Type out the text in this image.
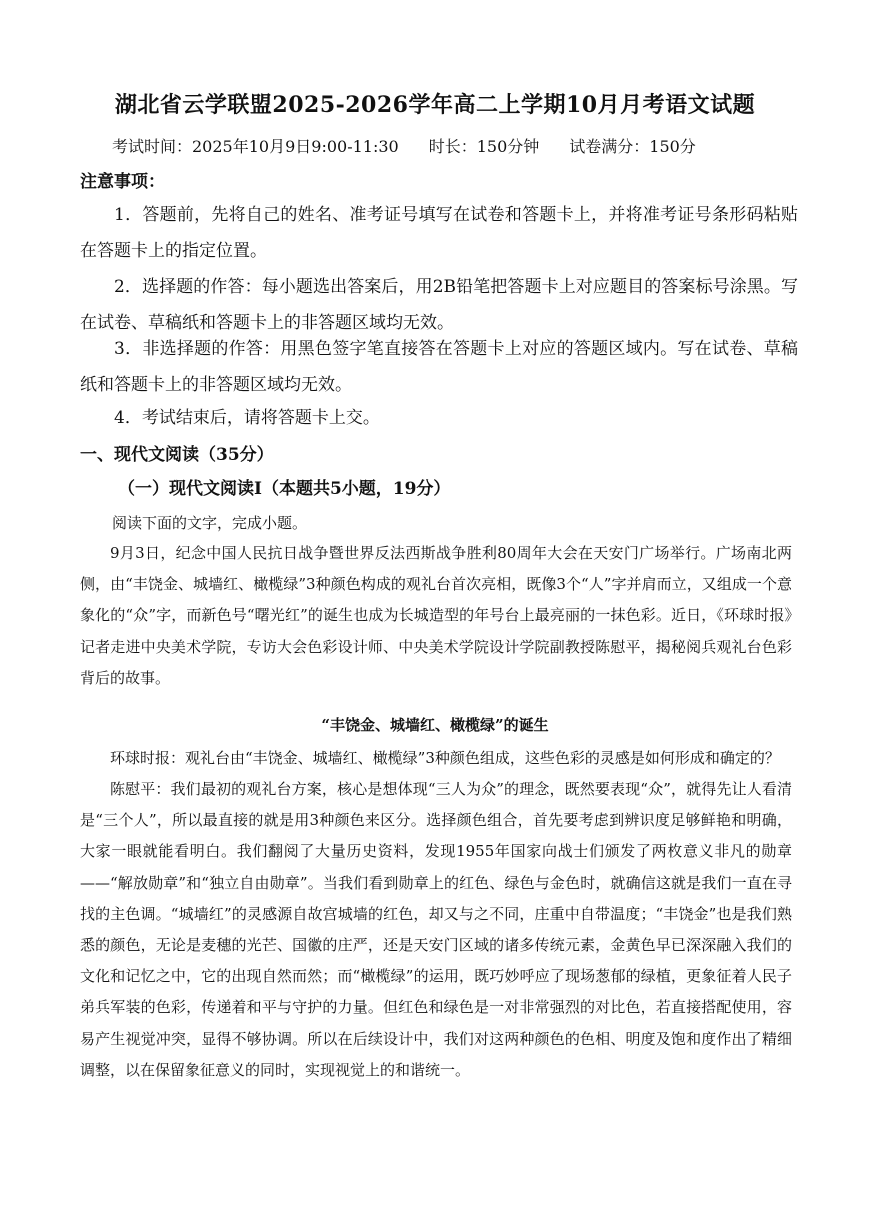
湖北省云学联盟2025-2026学年高二上学期10月月考语文试题
考试时间：2025年10月9日9:00-11:30 时长：150分钟 试卷满分：150分
注意事项：
1．答题前，先将自己的姓名、准考证号填写在试卷和答题卡上，并将准考证号条形码粘贴在答题卡上的指定位置。
2．选择题的作答：每小题选出答案后，用2B铅笔把答题卡上对应题目的答案标号涂黑。写在试卷、草稿纸和答题卡上的非答题区域均无效。
3．非选择题的作答：用黑色签字笔直接答在答题卡上对应的答题区域内。写在试卷、草稿纸和答题卡上的非答题区域均无效。
4．考试结束后，请将答题卡上交。
一、现代文阅读（35分）
（一）现代文阅读Ⅰ（本题共5小题，19分）
阅读下面的文字，完成小题。
9月3日，纪念中国人民抗日战争暨世界反法西斯战争胜利80周年大会在天安门广场举行。广场南北两侧，由“丰饶金、城墙红、橄榄绿”3种颜色构成的观礼台首次亮相，既像3个“人”字并肩而立，又组成一个意象化的“众”字，而新色号“曙光红”的诞生也成为长城造型的年号台上最亮丽的一抹色彩。近日，《环球时报》记者走进中央美术学院，专访大会色彩设计师、中央美术学院设计学院副教授陈慰平，揭秘阅兵观礼台色彩背后的故事。
“丰饶金、城墙红、橄榄绿”的诞生
环球时报：观礼台由“丰饶金、城墙红、橄榄绿”3种颜色组成，这些色彩的灵感是如何形成和确定的？
陈慰平：我们最初的观礼台方案，核心是想体现“三人为众”的理念，既然要表现“众”，就得先让人看清是“三个人”，所以最直接的就是用3种颜色来区分。选择颜色组合，首先要考虑到辨识度足够鲜艳和明确，大家一眼就能看明白。我们翻阅了大量历史资料，发现1955年国家向战士们颁发了两枚意义非凡的勋章——“解放勋章”和“独立自由勋章”。当我们看到勋章上的红色、绿色与金色时，就确信这就是我们一直在寻找的主色调。“城墙红”的灵感源自故宫城墙的红色，却又与之不同，庄重中自带温度；“丰饶金”也是我们熟悉的颜色，无论是麦穗的光芒、国徽的庄严，还是天安门区域的诸多传统元素，金黄色早已深深融入我们的文化和记忆之中，它的出现自然而然；而“橄榄绿”的运用，既巧妙呼应了现场葱郁的绿植，更象征着人民子弟兵军装的色彩，传递着和平与守护的力量。但红色和绿色是一对非常强烈的对比色，若直接搭配使用，容易产生视觉冲突，显得不够协调。所以在后续设计中，我们对这两种颜色的色相、明度及饱和度作出了精细调整，以在保留象征意义的同时，实现视觉上的和谐统一。
